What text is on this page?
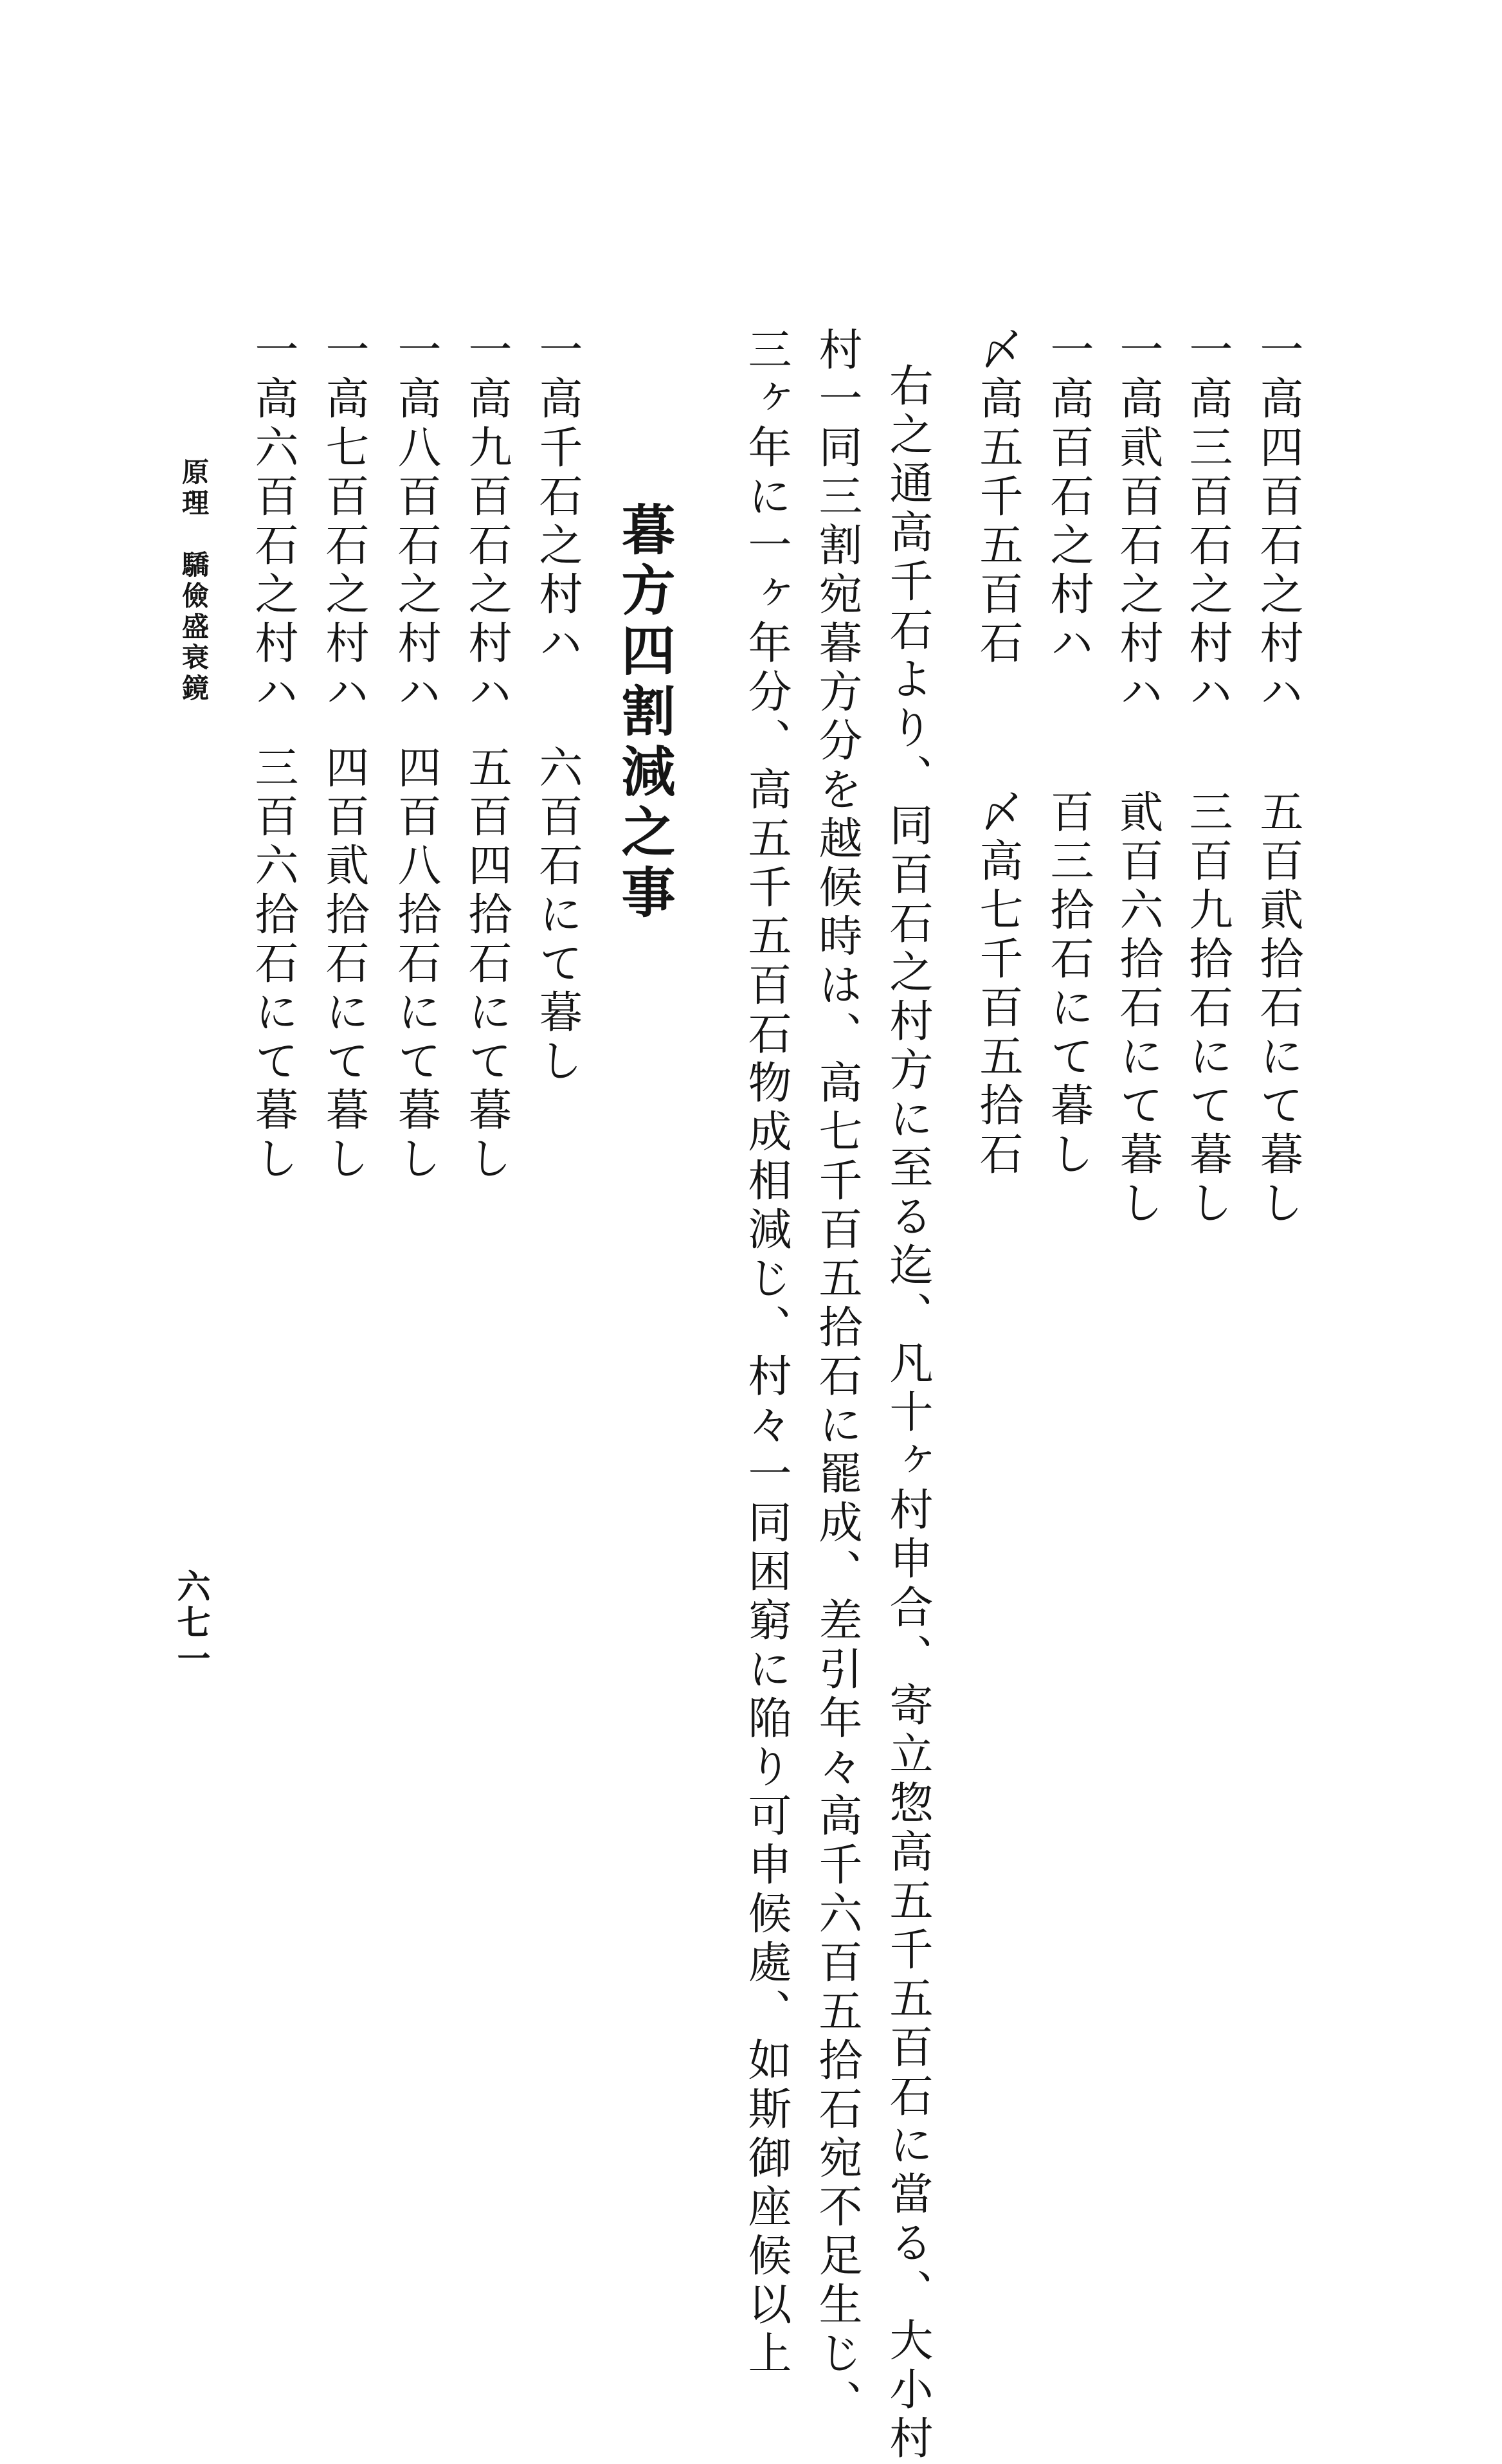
一高四百石之村ハ
五百貮拾石にて暮し
一高三百石之村ハ
三百九拾石にて暮し
一高貮百石之村ハ
貮百六拾石にて暮し
一高百石之村ハ
百三拾石にて暮し
〆高五千五百石
〆高七千百五拾石
右之通高千石より、同百石之村方に至る迄、凡十ヶ村申合、寄立惣高五千五百石に當る、大小村
村一同三割宛暮方分を越候時は、高七千百五拾石に罷成、差引年々高千六百五拾石宛不足生じ、
三ヶ年に一ヶ年分、高五千五百石物成相減じ、村々一同困窮に陥り可申候處、如斯御座候以上
暮方四割減之事
一高千石之村ハ
六百石にて暮し
一高九百石之村ハ
五百四拾石にて暮し
一高八百石之村ハ
四百八拾石にて暮し
一高七百石之村ハ
四百貮拾石にて暮し
一高六百石之村ハ
三百六拾石にて暮し
原理　驕儉盛衰鏡
六七一
